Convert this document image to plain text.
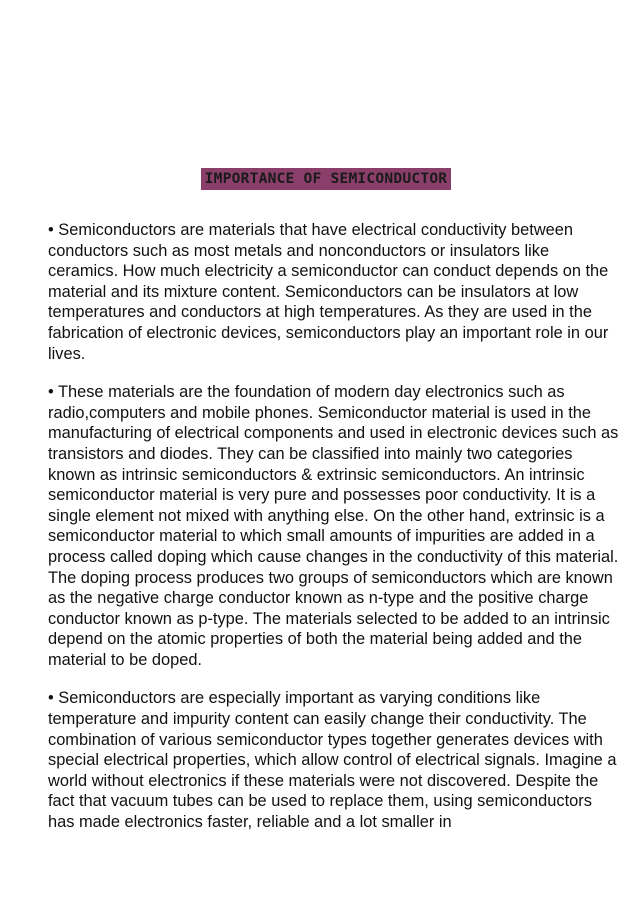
IMPORTANCE OF SEMICONDUCTOR

• Semiconductors are materials that have electrical conductivity between conductors such as most metals and nonconductors or insulators like ceramics. How much electricity a semiconductor can conduct depends on the material and its mixture content. Semiconductors can be insulators at low temperatures and conductors at high temperatures. As they are used in the fabrication of electronic devices, semiconductors play an important role in our lives.

• These materials are the foundation of modern day electronics such as radio,computers and mobile phones. Semiconductor material is used in the manufacturing of electrical components and used in electronic devices such as transistors and diodes. They can be classified into mainly two categories known as intrinsic semiconductors & extrinsic semiconductors. An intrinsic semiconductor material is very pure and possesses poor conductivity. It is a single element not mixed with anything else. On the other hand, extrinsic is a semiconductor material to which small amounts of impurities are added in a process called doping which cause changes in the conductivity of this material. The doping process produces two groups of semiconductors which are known as the negative charge conductor known as n-type and the positive charge conductor known as p-type. The materials selected to be added to an intrinsic depend on the atomic properties of both the material being added and the material to be doped.

• Semiconductors are especially important as varying conditions like temperature and impurity content can easily change their conductivity. The combination of various semiconductor types together generates devices with special electrical properties, which allow control of electrical signals. Imagine a world without electronics if these materials were not discovered. Despite the fact that vacuum tubes can be used to replace them, using semiconductors has made electronics faster, reliable and a lot smaller in
